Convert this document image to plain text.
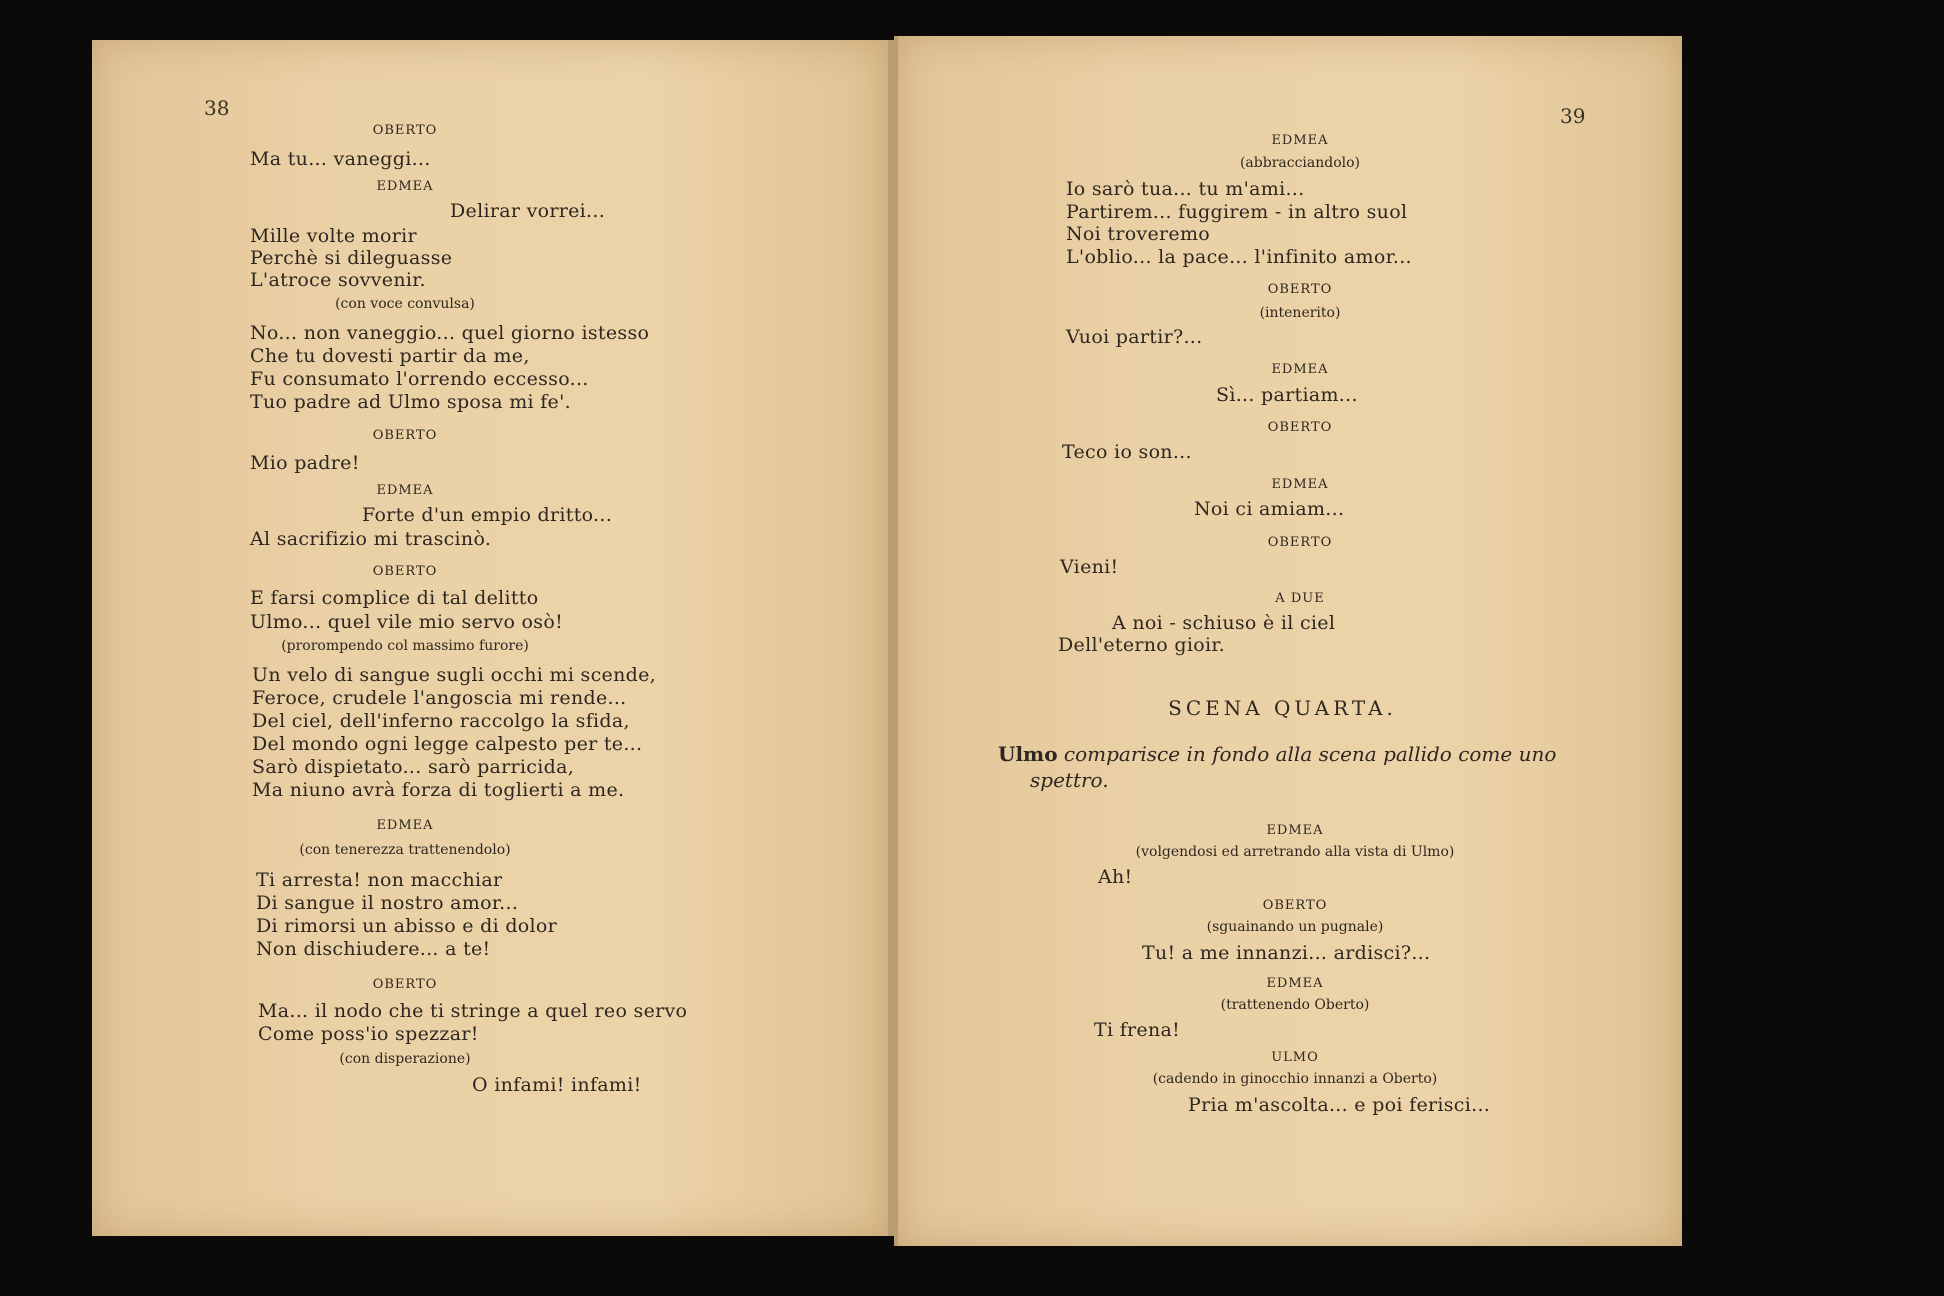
38
OBERTO
Ma tu... vaneggi...
EDMEA
Delirar vorrei...
Mille volte morir
Perchè si dileguasse
L'atroce sovvenir.
(con voce convulsa)
No... non vaneggio... quel giorno istesso
Che tu dovesti partir da me,
Fu consumato l'orrendo eccesso...
Tuo padre ad Ulmo sposa mi fe'.
OBERTO
Mio padre!
EDMEA
Forte d'un empio dritto...
Al sacrifizio mi trascinò.
OBERTO
E farsi complice di tal delitto
Ulmo... quel vile mio servo osò!
(prorompendo col massimo furore)
Un velo di sangue sugli occhi mi scende,
Feroce, crudele l'angoscia mi rende...
Del ciel, dell'inferno raccolgo la sfida,
Del mondo ogni legge calpesto per te...
Sarò dispietato... sarò parricida,
Ma niuno avrà forza di toglierti a me.
EDMEA
(con tenerezza trattenendolo)
Ti arresta! non macchiar
Di sangue il nostro amor...
Di rimorsi un abisso e di dolor
Non dischiudere... a te!
OBERTO
Ma... il nodo che ti stringe a quel reo servo
Come poss'io spezzar!
(con disperazione)
O infami! infami!
39
EDMEA
(abbracciandolo)
Io sarò tua... tu m'ami...
Partirem... fuggirem - in altro suol
Noi troveremo
L'oblio... la pace... l'infinito amor...
OBERTO
(intenerito)
Vuoi partir?...
EDMEA
Sì... partiam...
OBERTO
Teco io son...
EDMEA
Noi ci amiam...
OBERTO
Vieni!
A DUE
A noi - schiuso è il ciel
Dell'eterno gioir.
SCENA QUARTA.
Ulmo comparisce in fondo alla scena pallido come uno
spettro.
EDMEA
(volgendosi ed arretrando alla vista di Ulmo)
Ah!
OBERTO
(sguainando un pugnale)
Tu! a me innanzi... ardisci?...
EDMEA
(trattenendo Oberto)
Ti frena!
ULMO
(cadendo in ginocchio innanzi a Oberto)
Pria m'ascolta... e poi ferisci...
